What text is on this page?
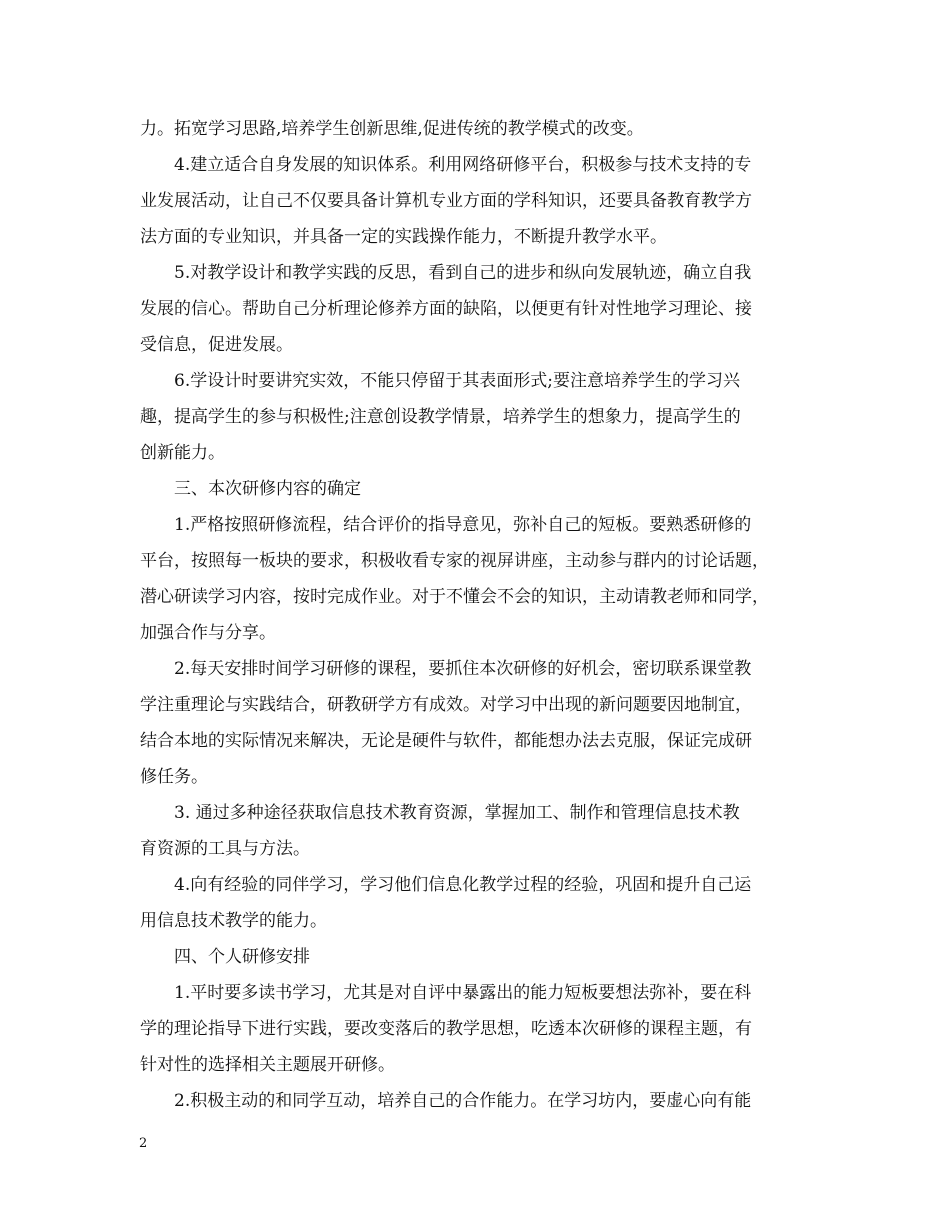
力。拓宽学习思路,培养学生创新思维,促进传统的教学模式的改变。
4.建立适合自身发展的知识体系。利用网络研修平台，积极参与技术支持的专
业发展活动，让自己不仅要具备计算机专业方面的学科知识，还要具备教育教学方
法方面的专业知识，并具备一定的实践操作能力，不断提升教学水平。
5.对教学设计和教学实践的反思，看到自己的进步和纵向发展轨迹，确立自我
发展的信心。帮助自己分析理论修养方面的缺陷，以便更有针对性地学习理论、接
受信息，促进发展。
6.学设计时要讲究实效，不能只停留于其表面形式;要注意培养学生的学习兴
趣，提高学生的参与积极性;注意创设教学情景，培养学生的想象力，提高学生的
创新能力。
三、本次研修内容的确定
1.严格按照研修流程，结合评价的指导意见，弥补自己的短板。要熟悉研修的
平台，按照每一板块的要求，积极收看专家的视屏讲座，主动参与群内的讨论话题，
潜心研读学习内容，按时完成作业。对于不懂会不会的知识，主动请教老师和同学，
加强合作与分享。
2.每天安排时间学习研修的课程，要抓住本次研修的好机会，密切联系课堂教
学注重理论与实践结合，研教研学方有成效。对学习中出现的新问题要因地制宜，
结合本地的实际情况来解决，无论是硬件与软件，都能想办法去克服，保证完成研
修任务。
3. 通过多种途径获取信息技术教育资源，掌握加工、制作和管理信息技术教
育资源的工具与方法。
4.向有经验的同伴学习，学习他们信息化教学过程的经验，巩固和提升自己运
用信息技术教学的能力。
四、个人研修安排
1.平时要多读书学习，尤其是对自评中暴露出的能力短板要想法弥补，要在科
学的理论指导下进行实践，要改变落后的教学思想，吃透本次研修的课程主题，有
针对性的选择相关主题展开研修。
2.积极主动的和同学互动，培养自己的合作能力。在学习坊内，要虚心向有能
2
